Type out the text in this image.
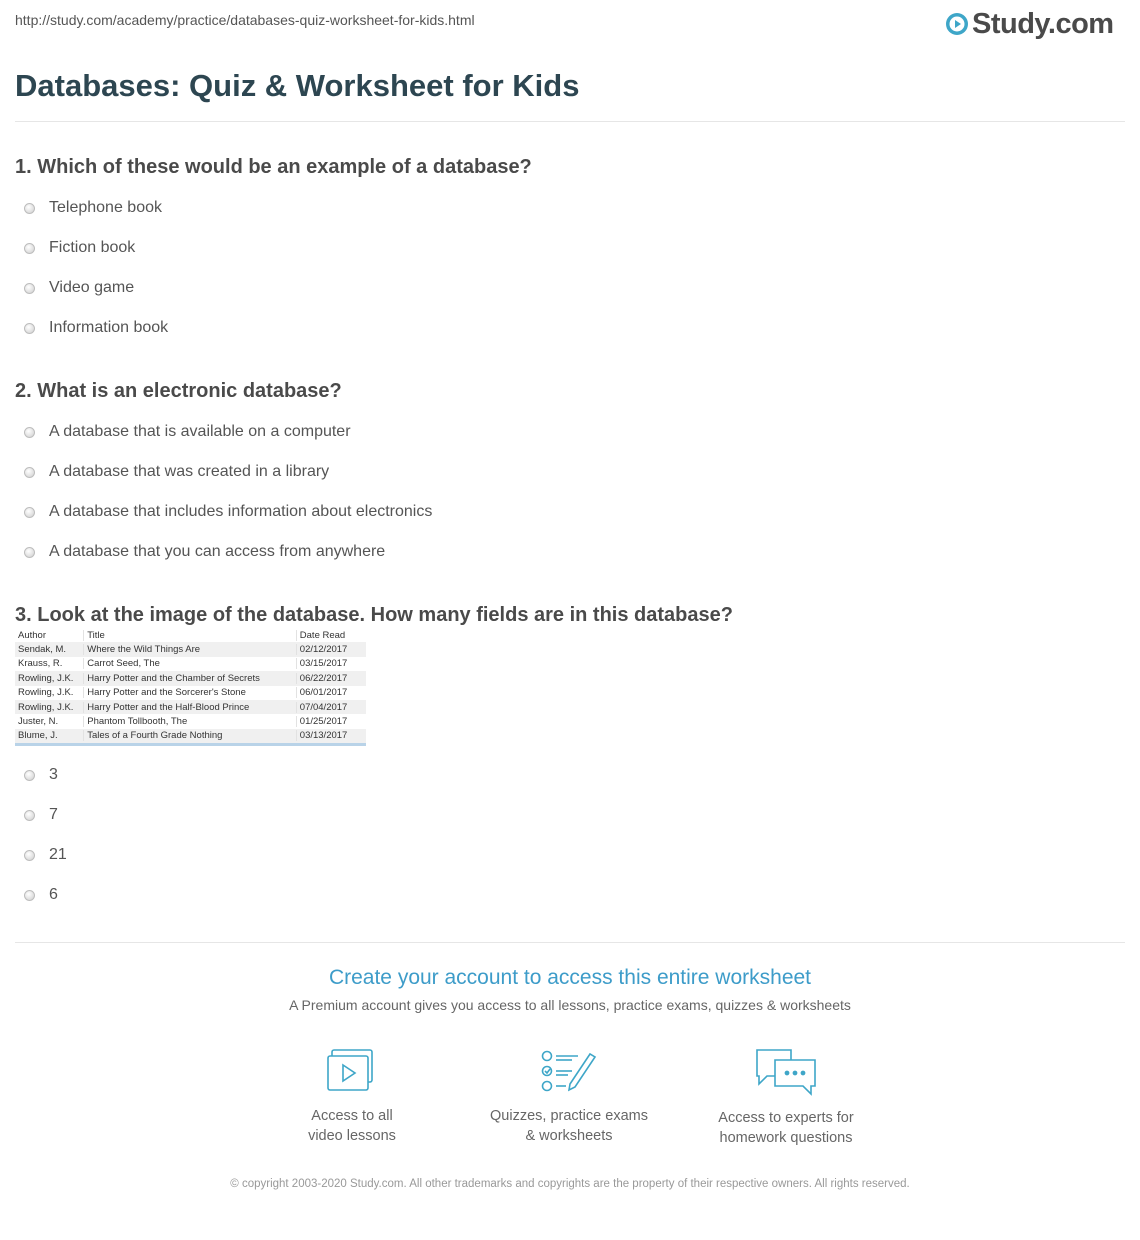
http://study.com/academy/practice/databases-quiz-worksheet-for-kids.html	Study.com
Databases: Quiz & Worksheet for Kids
1. Which of these would be an example of a database?
Telephone book
Fiction book
Video game
Information book
2. What is an electronic database?
A database that is available on a computer
A database that was created in a library
A database that includes information about electronics
A database that you can access from anywhere
3. Look at the image of the database. How many fields are in this database?
Author	Title	Date Read
Sendak, M.	Where the Wild Things Are	02/12/2017
Krauss, R.	Carrot Seed, The	03/15/2017
Rowling, J.K.	Harry Potter and the Chamber of Secrets	06/22/2017
Rowling, J.K.	Harry Potter and the Sorcerer's Stone	06/01/2017
Rowling, J.K.	Harry Potter and the Half-Blood Prince	07/04/2017
Juster, N.	Phantom Tollbooth, The	01/25/2017
Blume, J.	Tales of a Fourth Grade Nothing	03/13/2017
3
7
21
6

Create your account to access this entire worksheet

A Premium account gives you access to all lessons, practice exams, quizzes & worksheets

Access to all
video lessons
Quizzes, practice exams
& worksheets
Access to experts for
homework questions
© copyright 2003-2020 Study.com. All other trademarks and copyrights are the property of their respective owners. All rights reserved.
